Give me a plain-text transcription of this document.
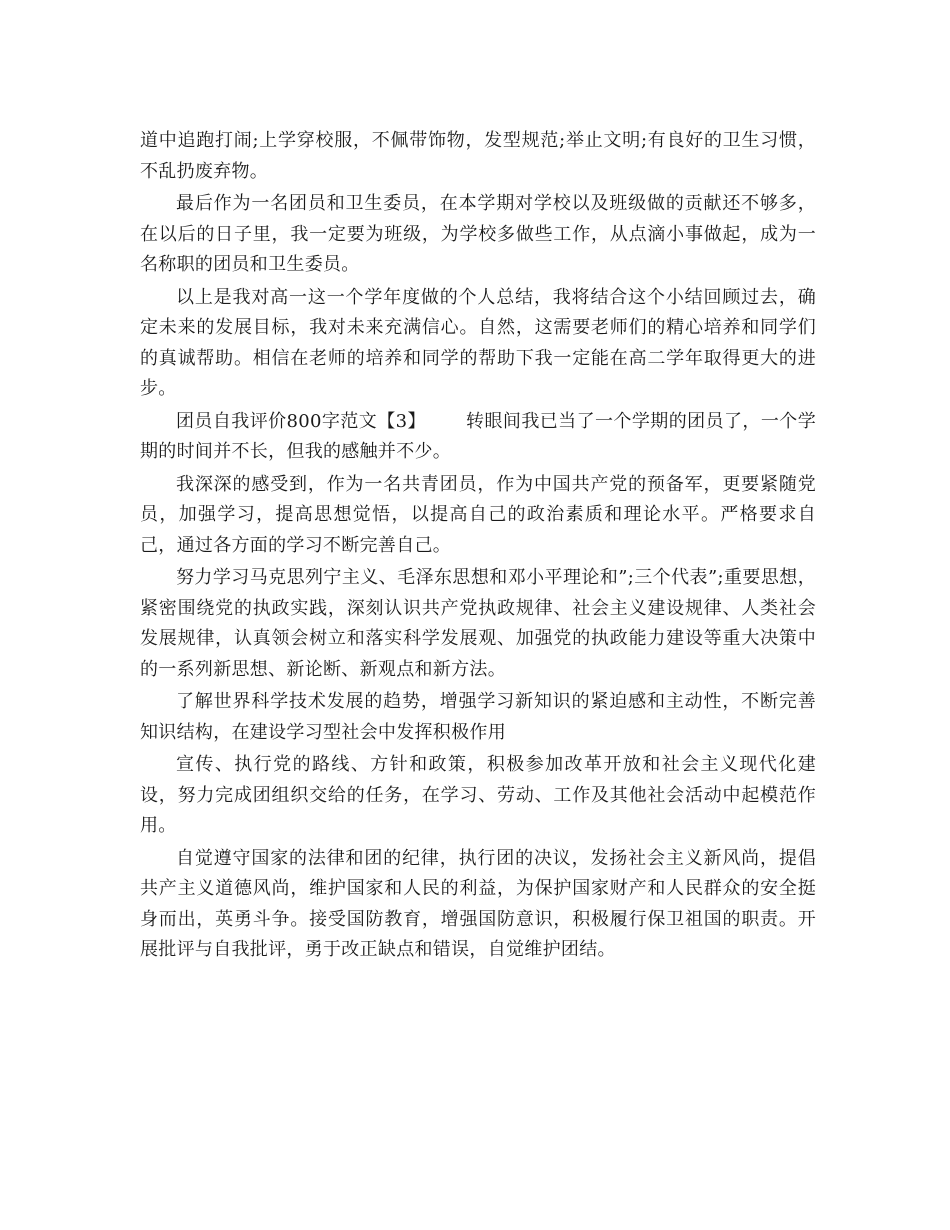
道中追跑打闹;上学穿校服，不佩带饰物，发型规范;举止文明;有良好的卫生习惯，不乱扔废弃物。

最后作为一名团员和卫生委员，在本学期对学校以及班级做的贡献还不够多，在以后的日子里，我一定要为班级，为学校多做些工作，从点滴小事做起，成为一名称职的团员和卫生委员。

以上是我对高一这一个学年度做的个人总结，我将结合这个小结回顾过去，确定未来的发展目标，我对未来充满信心。自然，这需要老师们的精心培养和同学们的真诚帮助。相信在老师的培养和同学的帮助下我一定能在高二学年取得更大的进步。

团员自我评价800字范文【3】 转眼间我已当了一个学期的团员了，一个学期的时间并不长，但我的感触并不少。

我深深的感受到，作为一名共青团员，作为中国共产党的预备军，更要紧随党员，加强学习，提高思想觉悟，以提高自己的政治素质和理论水平。严格要求自己，通过各方面的学习不断完善自己。

努力学习马克思列宁主义、毛泽东思想和邓小平理论和”;三个代表”;重要思想，紧密围绕党的执政实践，深刻认识共产党执政规律、社会主义建设规律、人类社会发展规律，认真领会树立和落实科学发展观、加强党的执政能力建设等重大决策中的一系列新思想、新论断、新观点和新方法。

了解世界科学技术发展的趋势，增强学习新知识的紧迫感和主动性，不断完善知识结构，在建设学习型社会中发挥积极作用

宣传、执行党的路线、方针和政策，积极参加改革开放和社会主义现代化建设，努力完成团组织交给的任务，在学习、劳动、工作及其他社会活动中起模范作用。

自觉遵守国家的法律和团的纪律，执行团的决议，发扬社会主义新风尚，提倡共产主义道德风尚，维护国家和人民的利益，为保护国家财产和人民群众的安全挺身而出，英勇斗争。接受国防教育，增强国防意识，积极履行保卫祖国的职责。开展批评与自我批评，勇于改正缺点和错误，自觉维护团结。
